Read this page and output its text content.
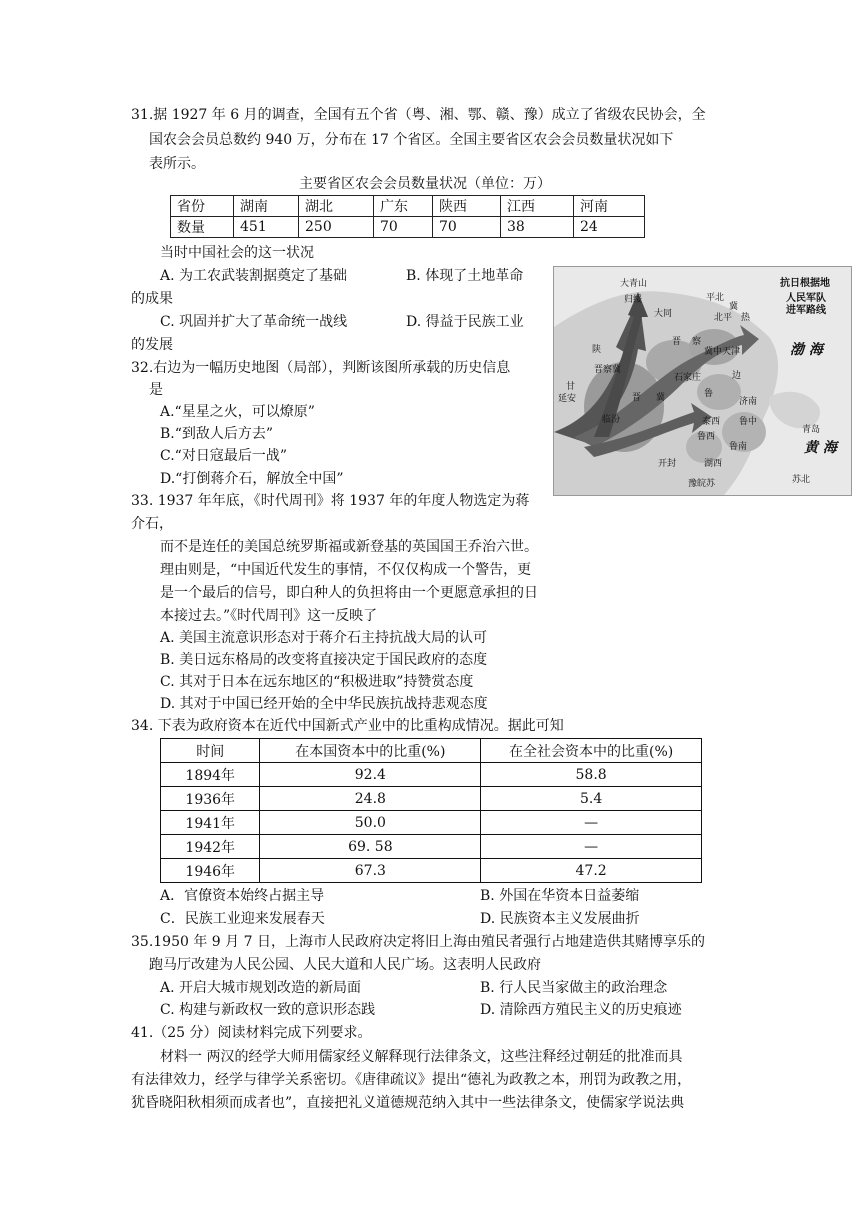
31.据 1927 年 6 月的调查，全国有五个省（粤、湘、鄂、赣、豫）成立了省级农民协会，全
国农会会员总数约 940 万，分布在 17 个省区。全国主要省区农会会员数量状况如下
表所示。
主要省区农会会员数量状况（单位：万）
省份	湖南	湖北	广东	陕西	江西	河南
数量	451	250	70	70	38	24
当时中国社会的这一状况
A. 为工农武装割据奠定了基础	B. 体现了土地革命
的成果
C. 巩固并扩大了革命统一战线	D. 得益于民族工业
的发展
32.右边为一幅历史地图（局部），判断该图所承载的历史信息
是
A.“星星之火，可以燎原”
B.“到敌人后方去”
C.“对日寇最后一战”
D.“打倒蒋介石，解放全中国”
抗日根据地
人民军队
进军路线
渤 海
黄 海
大青山
归绥
大同
平北
北平
冀
热
察
晋
冀中天津
陕
石家庄
晋察冀
甘
延安	鲁
边
济南
临汾
晋 冀
泰西
鲁西
青岛
开封	湖西
苏北
豫皖苏
鲁中
鲁南
33. 1937 年年底，《时代周刊》将 1937 年的年度人物选定为蒋
介石，
而不是连任的美国总统罗斯福或新登基的英国国王乔治六世。
理由则是，“中国近代发生的事情，不仅仅构成一个警告，更
是一个最后的信号，即白种人的负担将由一个更愿意承担的日
本接过去。”《时代周刊》这一反映了
A. 美国主流意识形态对于蒋介石主持抗战大局的认可
B. 美日远东格局的改变将直接决定于国民政府的态度
C. 其对于日本在远东地区的“积极进取”持赞赏态度
D. 其对于中国已经开始的全中华民族抗战持悲观态度
34. 下表为政府资本在近代中国新式产业中的比重构成情况。据此可知
时间	在本国资本中的比重(%)	在全社会资本中的比重(%)
1894年	92.4	58.8
1936年	24.8	5.4
1941年	50.0	—
1942年	69. 58	—
1946年	67.3	47.2
A．官僚资本始终占据主导	B. 外国在华资本日益萎缩
C．民族工业迎来发展春天	D. 民族资本主义发展曲折
35.1950 年 9 月 7 日，上海市人民政府决定将旧上海由殖民者强行占地建造供其赌博享乐的
跑马厅改建为人民公园、人民大道和人民广场。这表明人民政府
A. 开启大城市规划改造的新局面	B. 行人民当家做主的政治理念
C. 构建与新政权一致的意识形态践	D. 清除西方殖民主义的历史痕迹
41.（25 分）阅读材料完成下列要求。
材料一 两汉的经学大师用儒家经义解释现行法律条文，这些注释经过朝廷的批准而具
有法律效力，经学与律学关系密切。《唐律疏议》提出“德礼为政教之本，刑罚为政教之用，
犹昏晓阳秋相须而成者也”，直接把礼义道德规范纳入其中一些法律条文，使儒家学说法典
